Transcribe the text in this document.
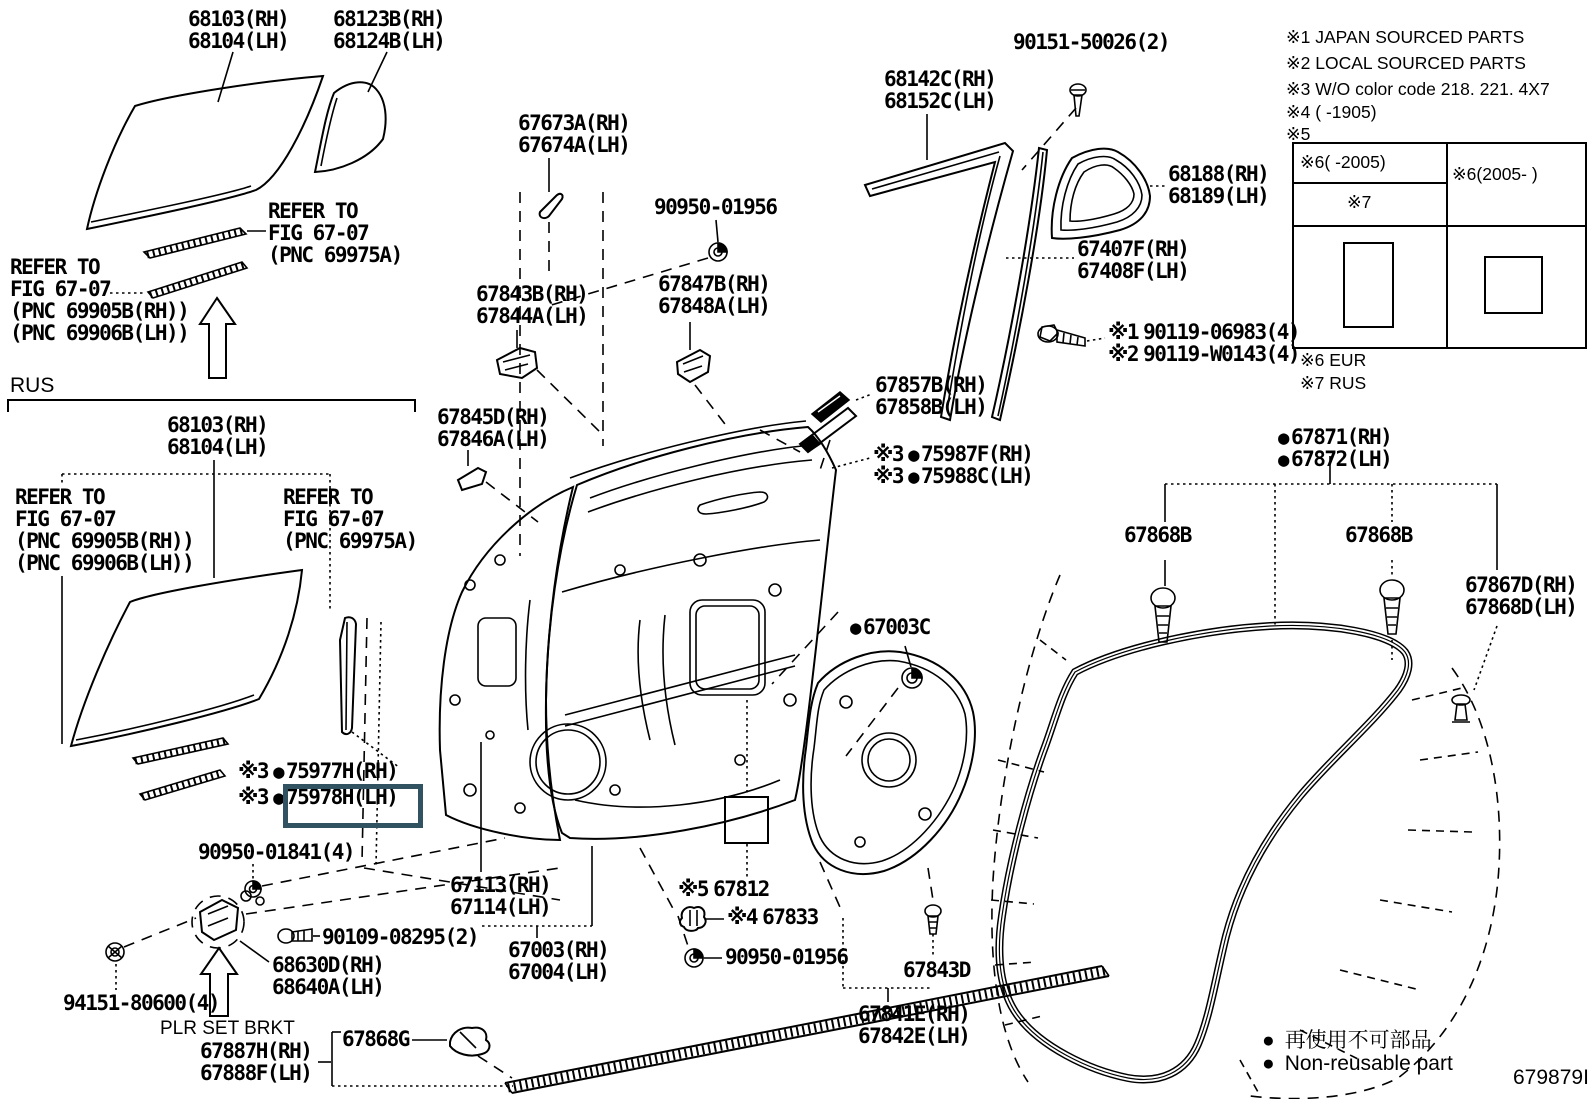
68103(RH)
68104(LH)
68123B(RH)
68124B(LH)
REFER TO
FIG 67-07
(PNC 69975A)
REFER TO
FIG 67-07
(PNC 69905B(RH))
(PNC 69906B(LH))
RUS
68103(RH)
68104(LH)
REFER TO
FIG 67-07
(PNC 69905B(RH))
(PNC 69906B(LH))
REFER TO
FIG 67-07
(PNC 69975A)
67673A(RH)
67674A(LH)
90950-01956
67843B(RH)
67844A(LH)
67847B(RH)
67848A(LH)
67845D(RH)
67846A(LH)
90151-50026(2)
68142C(RH)
68152C(LH)
68188(RH)
68189(LH)
67407F(RH)
67408F(LH)
※1 90119-06983(4)
※2 90119-W0143(4)
67857B(RH)
67858B(LH)
※3 ● 75987F(RH)
※3 ● 75988C(LH)
● 67871(RH)
● 67872(LH)
67868B	67868B
67867D(RH)
67868D(LH)
● 67003C
※3 ● 75977H(RH)
※3 ● 75978H(LH)
90950-01841(4)
90109-08295(2)
68630D(RH)
68640A(LH)
94151-80600(4)
PLR SET BRKT
67887H(RH)
67888F(LH)
67868G
67113(RH)
67114(LH)
67003(RH)
67004(LH)
※5 67812
※4 67833
90950-01956
67843D
67841E(RH)
67842E(LH)
※1 JAPAN SOURCED PARTS
※2 LOCAL SOURCED PARTS
※3 W/O color code 218. 221. 4X7
※4 ( -1905)
※5
※6( -2005)
※6(2005- )
※7
※6 EUR
※7 RUS
● 再使用不可部品
● Non-reusable part
679879I
